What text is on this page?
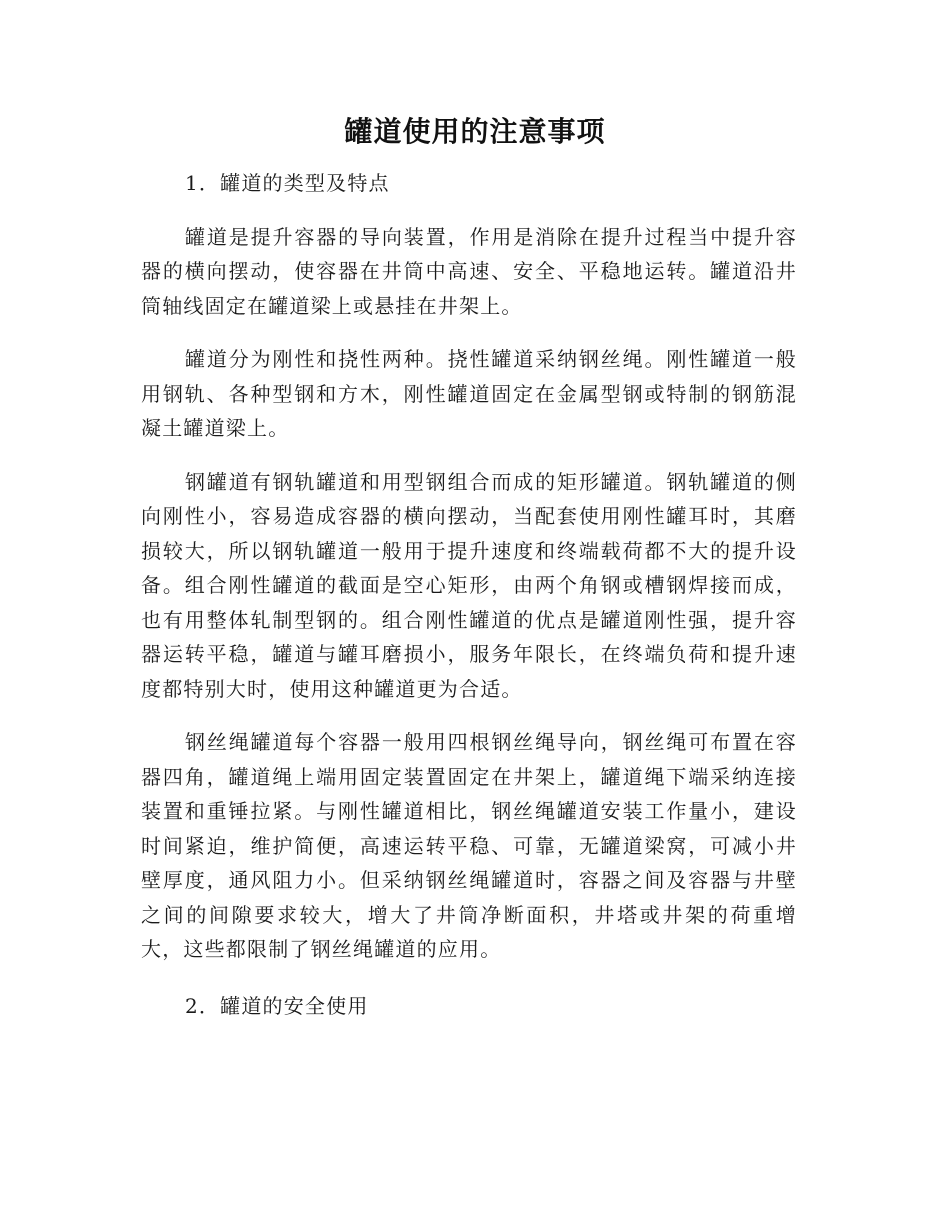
罐道使用的注意事项

1．罐道的类型及特点

罐道是提升容器的导向装置，作用是消除在提升过程当中提升容器的横向摆动，使容器在井筒中高速、安全、平稳地运转。罐道沿井筒轴线固定在罐道梁上或悬挂在井架上。

罐道分为刚性和挠性两种。挠性罐道采纳钢丝绳。刚性罐道一般用钢轨、各种型钢和方木，刚性罐道固定在金属型钢或特制的钢筋混凝土罐道梁上。

钢罐道有钢轨罐道和用型钢组合而成的矩形罐道。钢轨罐道的侧向刚性小，容易造成容器的横向摆动，当配套使用刚性罐耳时，其磨损较大，所以钢轨罐道一般用于提升速度和终端载荷都不大的提升设备。组合刚性罐道的截面是空心矩形，由两个角钢或槽钢焊接而成，也有用整体轧制型钢的。组合刚性罐道的优点是罐道刚性强，提升容器运转平稳，罐道与罐耳磨损小，服务年限长，在终端负荷和提升速度都特别大时，使用这种罐道更为合适。

钢丝绳罐道每个容器一般用四根钢丝绳导向，钢丝绳可布置在容器四角，罐道绳上端用固定装置固定在井架上，罐道绳下端采纳连接装置和重锤拉紧。与刚性罐道相比，钢丝绳罐道安装工作量小，建设时间紧迫，维护简便，高速运转平稳、可靠，无罐道梁窝，可减小井壁厚度，通风阻力小。但采纳钢丝绳罐道时，容器之间及容器与井壁之间的间隙要求较大，增大了井筒净断面积，井塔或井架的荷重增大，这些都限制了钢丝绳罐道的应用。

2．罐道的安全使用
